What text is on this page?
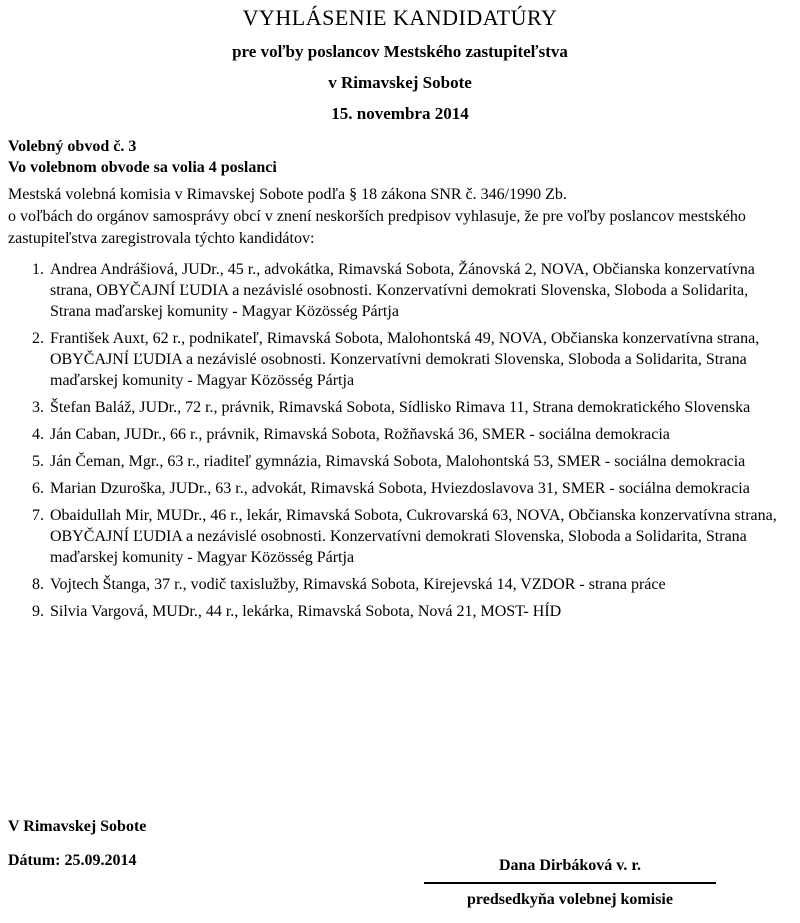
VYHLÁSENIE KANDIDATÚRY
pre voľby poslancov Mestského zastupiteľstva
v Rimavskej Sobote
15. novembra 2014
Volebný obvod č. 3
Vo volebnom obvode sa volia 4 poslanci

Mestská volebná komisia v Rimavskej Sobote podľa § 18 zákona SNR č. 346/1990 Zb.
o voľbách do orgánov samosprávy obcí v znení neskorších predpisov vyhlasuje, že pre voľby poslancov mestského zastupiteľstva zaregistrovala týchto kandidátov:

1. Andrea Andrášiová, JUDr., 45 r., advokátka, Rimavská Sobota, Žánovská 2, NOVA, Občianska konzervatívna strana, OBYČAJNÍ ĽUDIA a nezávislé osobnosti. Konzervatívni demokrati Slovenska, Sloboda a Solidarita, Strana maďarskej komunity - Magyar Közösség Pártja
2. František Auxt, 62 r., podnikateľ, Rimavská Sobota, Malohontská 49, NOVA, Občianska konzervatívna strana, OBYČAJNÍ ĽUDIA a nezávislé osobnosti. Konzervatívni demokrati Slovenska, Sloboda a Solidarita, Strana maďarskej komunity - Magyar Közösség Pártja
3. Štefan Baláž, JUDr., 72 r., právnik, Rimavská Sobota, Sídlisko Rimava 11, Strana demokratického Slovenska
4. Ján Caban, JUDr., 66 r., právnik, Rimavská Sobota, Rožňavská 36, SMER - sociálna demokracia
5. Ján Čeman, Mgr., 63 r., riaditeľ gymnázia, Rimavská Sobota, Malohontská 53, SMER - sociálna demokracia
6. Marian Dzuroška, JUDr., 63 r., advokát, Rimavská Sobota, Hviezdoslavova 31, SMER - sociálna demokracia
7. Obaidullah Mir, MUDr., 46 r., lekár, Rimavská Sobota, Cukrovarská 63, NOVA, Občianska konzervatívna strana, OBYČAJNÍ ĽUDIA a nezávislé osobnosti. Konzervatívni demokrati Slovenska, Sloboda a Solidarita, Strana maďarskej komunity - Magyar Közösség Pártja
8. Vojtech Štanga, 37 r., vodič taxislužby, Rimavská Sobota, Kirejevská 14, VZDOR - strana práce
9. Silvia Vargová, MUDr., 44 r., lekárka, Rimavská Sobota, Nová 21, MOST- HÍD
V Rimavskej Sobote
Dátum: 25.09.2014	Dana Dirbáková v. r.
predsedkyňa volebnej komisie
